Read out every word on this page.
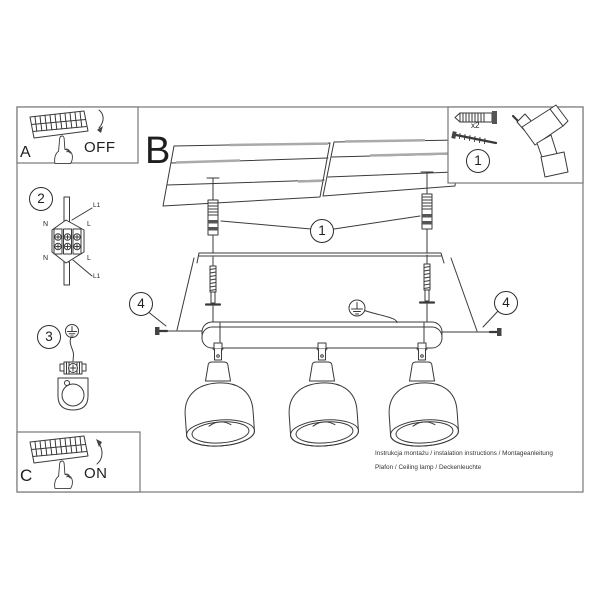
A	OFF B
C	ON
x2
1
1
2
3
4	4
N	L
N	L
L1
L1
Instrukcja montażu / instalation instructions / Montageanleitung
Plafon / Ceiling lamp / Deckenleuchte
